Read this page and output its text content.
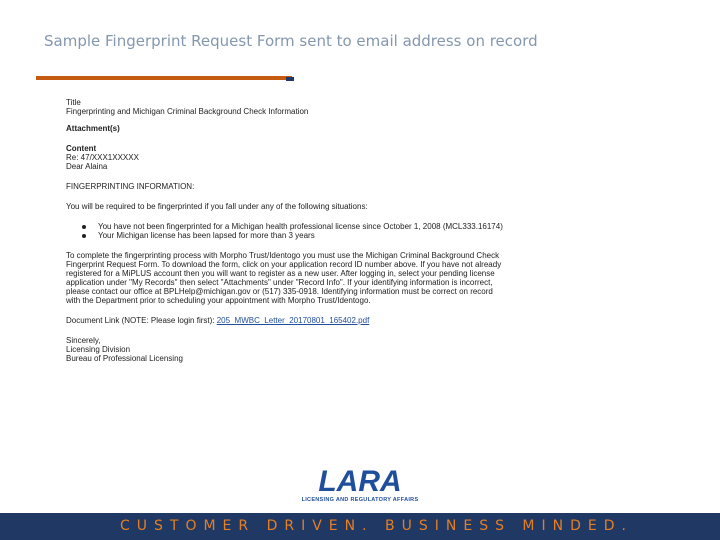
Sample Fingerprint Request Form sent to email address on record

Title

Fingerprinting and Michigan Criminal Background Check Information

Attachment(s)

Content

Re: 47/XXX1XXXXX

Dear Alaina

FINGERPRINTING INFORMATION:

You will be required to be fingerprinted if you fall under any of the following situations:

You have not been fingerprinted for a Michigan health professional license since October 1, 2008 (MCL333.16174)
Your Michigan license has been lapsed for more than 3 years

To complete the fingerprinting process with Morpho Trust/Identogo you must use the Michigan Criminal Background Check Fingerprint Request Form. To download the form, click on your application record ID number above. If you have not already registered for a MiPLUS account then you will want to register as a new user. After logging in, select your pending license application under "My Records" then select "Attachments" under "Record Info". If your identifying information is incorrect, please contact our office at BPLHelp@michigan.gov or (517) 335-0918. Identifying information must be correct on record with the Department prior to scheduling your appointment with Morpho Trust/Identogo.

Document Link (NOTE: Please login first): 205_MWBC_Letter_20170801_165402.pdf

Sincerely,

Licensing Division

Bureau of Professional Licensing

LARA
LICENSING AND REGULATORY AFFAIRS
CUSTOMER DRIVEN. BUSINESS MINDED.
